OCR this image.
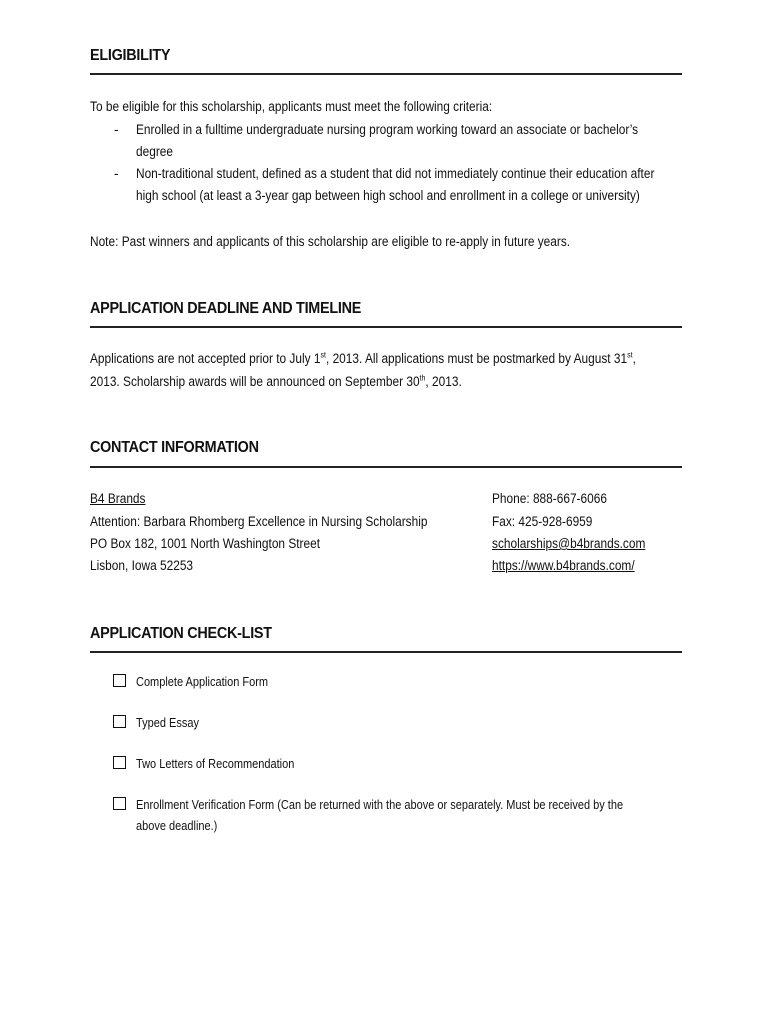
ELIGIBILITY
To be eligible for this scholarship, applicants must meet the following criteria:
- Enrolled in a fulltime undergraduate nursing program working toward an associate or bachelor’s
degree
- Non-traditional student, defined as a student that did not immediately continue their education after
high school (at least a 3-year gap between high school and enrollment in a college or university)
Note: Past winners and applicants of this scholarship are eligible to re-apply in future years.
APPLICATION DEADLINE AND TIMELINE
Applications are not accepted prior to July 1st, 2013. All applications must be postmarked by August 31st,
2013. Scholarship awards will be announced on September 30th, 2013.
CONTACT INFORMATION
B4 Brands
Attention: Barbara Rhomberg Excellence in Nursing Scholarship
PO Box 182, 1001 North Washington Street
Lisbon, Iowa 52253
Phone: 888-667-6066
Fax: 425-928-6959
scholarships@b4brands.com
https://www.b4brands.com/
APPLICATION CHECK-LIST
Complete Application Form
Typed Essay
Two Letters of Recommendation
Enrollment Verification Form (Can be returned with the above or separately. Must be received by the
above deadline.)
